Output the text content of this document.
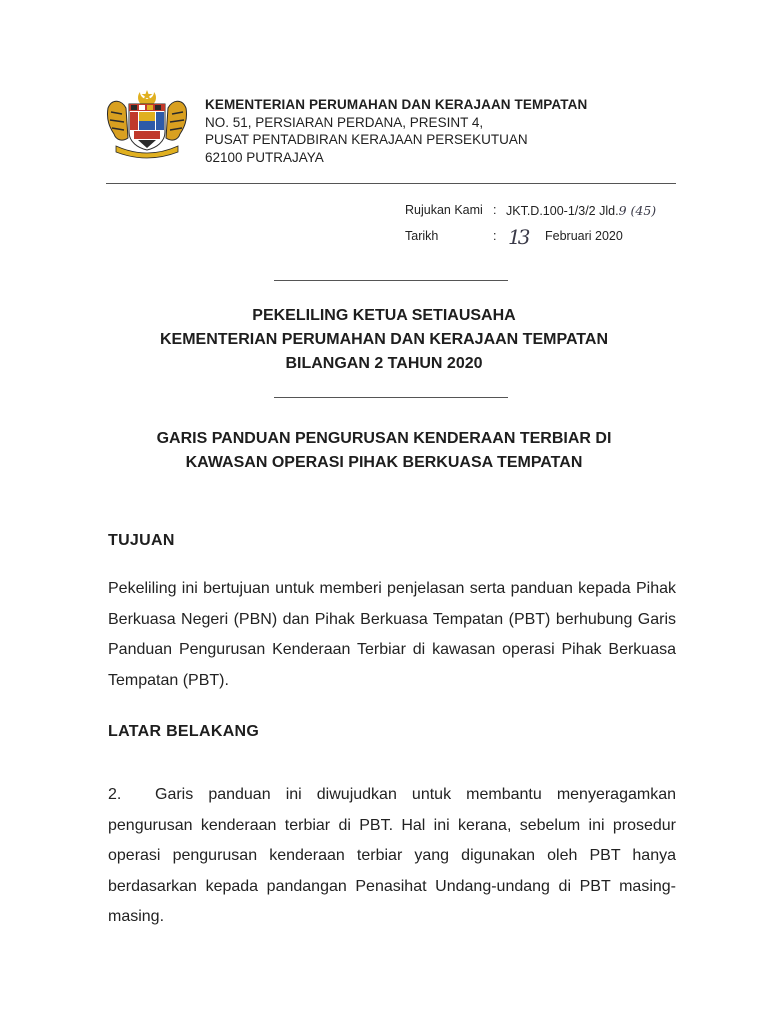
KEMENTERIAN PERUMAHAN DAN KERAJAAN TEMPATAN
NO. 51, PERSIARAN PERDANA, PRESINT 4,
PUSAT PENTADBIRAN KERAJAAN PERSEKUTUAN
62100 PUTRAJAYA
Rujukan Kami : JKT.D.100-1/3/2 Jld.9 (45)
Tarikh	: 13 Februari 2020
PEKELILING KETUA SETIAUSAHA
KEMENTERIAN PERUMAHAN DAN KERAJAAN TEMPATAN
BILANGAN 2 TAHUN 2020
GARIS PANDUAN PENGURUSAN KENDERAAN TERBIAR DI
KAWASAN OPERASI PIHAK BERKUASA TEMPATAN
TUJUAN
Pekeliling ini bertujuan untuk memberi penjelasan serta panduan kepada Pihak Berkuasa Negeri (PBN) dan Pihak Berkuasa Tempatan (PBT) berhubung Garis Panduan Pengurusan Kenderaan Terbiar di kawasan operasi Pihak Berkuasa Tempatan (PBT).
LATAR BELAKANG
2. Garis panduan ini diwujudkan untuk membantu menyeragamkan pengurusan kenderaan terbiar di PBT. Hal ini kerana, sebelum ini prosedur operasi pengurusan kenderaan terbiar yang digunakan oleh PBT hanya berdasarkan kepada pandangan Penasihat Undang-undang di PBT masing-masing.
